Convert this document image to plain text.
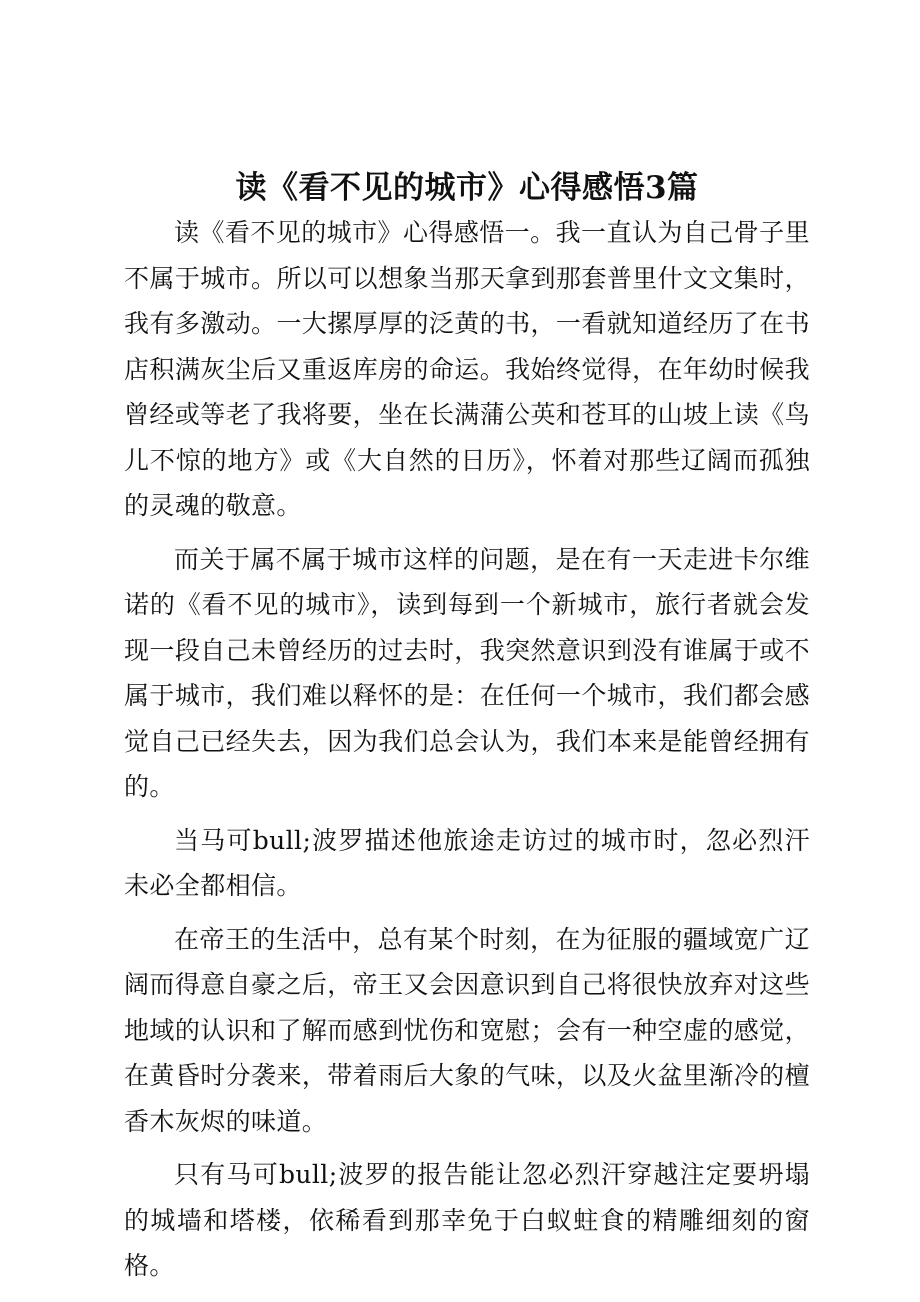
读《看不见的城市》心得感悟3篇

读《看不见的城市》心得感悟一。我一直认为自己骨子里不属于城市。所以可以想象当那天拿到那套普里什文文集时，我有多激动。一大摞厚厚的泛黄的书，一看就知道经历了在书店积满灰尘后又重返库房的命运。我始终觉得，在年幼时候我曾经或等老了我将要，坐在长满蒲公英和苍耳的山坡上读《鸟儿不惊的地方》或《大自然的日历》，怀着对那些辽阔而孤独的灵魂的敬意。

而关于属不属于城市这样的问题，是在有一天走进卡尔维诺的《看不见的城市》，读到每到一个新城市，旅行者就会发现一段自己未曾经历的过去时，我突然意识到没有谁属于或不属于城市，我们难以释怀的是：在任何一个城市，我们都会感觉自己已经失去，因为我们总会认为，我们本来是能曾经拥有的。

当马可bull;波罗描述他旅途走访过的城市时，忽必烈汗未必全都相信。

在帝王的生活中，总有某个时刻，在为征服的疆域宽广辽阔而得意自豪之后，帝王又会因意识到自己将很快放弃对这些地域的认识和了解而感到忧伤和宽慰；会有一种空虚的感觉，在黄昏时分袭来，带着雨后大象的气味，以及火盆里渐冷的檀香木灰烬的味道。

只有马可bull;波罗的报告能让忽必烈汗穿越注定要坍塌的城墙和塔楼，依稀看到那幸免于白蚁蛀食的精雕细刻的窗格。
